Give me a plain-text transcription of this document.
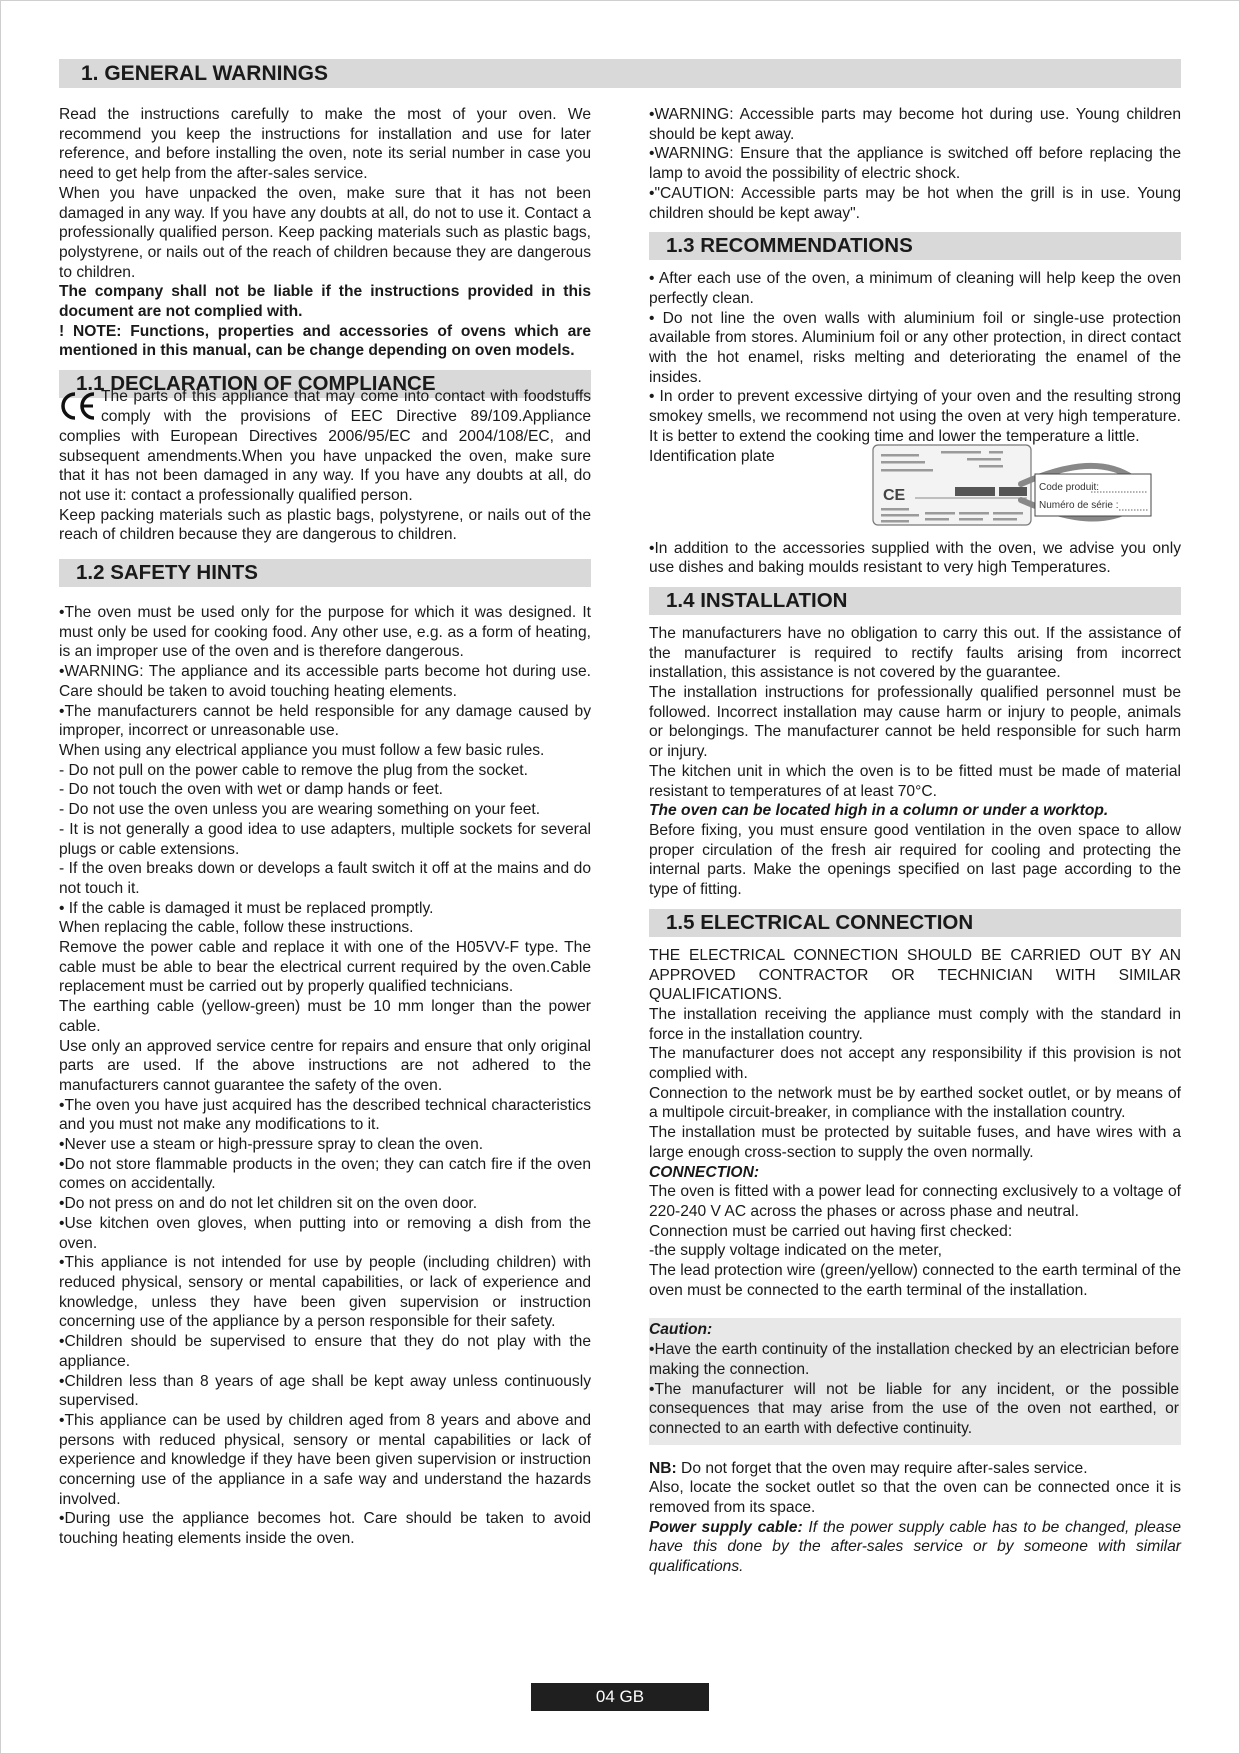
1. GENERAL WARNINGS

Read the instructions carefully to make the most of your oven. We recommend you keep the instructions for installation and use for later reference, and before installing the oven, note its serial number in case you need to get help from the after-sales service.

When you have unpacked the oven, make sure that it has not been damaged in any way. If you have any doubts at all, do not to use it. Contact a professionally qualified person. Keep packing materials such as plastic bags, polystyrene, or nails out of the reach of children because they are dangerous to children.

The company shall not be liable if the instructions provided in this document are not complied with.

! NOTE: Functions, properties and accessories of ovens which are mentioned in this manual, can be change depending on oven models.

1.1 DECLARATION OF COMPLIANCE

The parts of this appliance that may come into contact with foodstuffs comply with the provisions of EEC Directive 89/109.Appliance complies with European Directives 2006/95/EC and 2004/108/EC, and subsequent amendments.When you have unpacked the oven, make sure that it has not been damaged in any way. If you have any doubts at all, do not use it: contact a professionally qualified person.

Keep packing materials such as plastic bags, polystyrene, or nails out of the reach of children because they are dangerous to children.

1.2 SAFETY HINTS

•The oven must be used only for the purpose for which it was designed. It must only be used for cooking food. Any other use, e.g. as a form of heating, is an improper use of the oven and is therefore dangerous.

•WARNING: The appliance and its accessible parts become hot during use. Care should be taken to avoid touching heating elements.

•The manufacturers cannot be held responsible for any damage caused by improper, incorrect or unreasonable use.

When using any electrical appliance you must follow a few basic rules.

- Do not pull on the power cable to remove the plug from the socket.

- Do not touch the oven with wet or damp hands or feet.

- Do not use the oven unless you are wearing something on your feet.

- It is not generally a good idea to use adapters, multiple sockets for several plugs or cable extensions.

- If the oven breaks down or develops a fault switch it off at the mains and do not touch it.

• If the cable is damaged it must be replaced promptly.

When replacing the cable, follow these instructions.

Remove the power cable and replace it with one of the H05VV-F type. The cable must be able to bear the electrical current required by the oven.Cable replacement must be carried out by properly qualified technicians.

The earthing cable (yellow-green) must be 10 mm longer than the power cable.

Use only an approved service centre for repairs and ensure that only original parts are used. If the above instructions are not adhered to the manufacturers cannot guarantee the safety of the oven.

•The oven you have just acquired has the described technical characteristics and you must not make any modifications to it.

•Never use a steam or high-pressure spray to clean the oven.

•Do not store flammable products in the oven; they can catch fire if the oven comes on accidentally.

•Do not press on and do not let children sit on the oven door.

•Use kitchen oven gloves, when putting into or removing a dish from the oven.

•This appliance is not intended for use by people (including children) with reduced physical, sensory or mental capabilities, or lack of experience and knowledge, unless they have been given supervision or instruction concerning use of the appliance by a person responsible for their safety.

•Children should be supervised to ensure that they do not play with the appliance.

•Children less than 8 years of age shall be kept away unless continuously supervised.

•This appliance can be used by children aged from 8 years and above and persons with reduced physical, sensory or mental capabilities or lack of experience and knowledge if they have been given supervision or instruction concerning use of the appliance in a safe way and understand the hazards involved.

•During use the appliance becomes hot. Care should be taken to avoid touching heating elements inside the oven.

•WARNING: Accessible parts may become hot during use. Young children should be kept away.

•WARNING: Ensure that the appliance is switched off before replacing the lamp to avoid the possibility of electric shock.

•"CAUTION: Accessible parts may be hot when the grill is in use. Young children should be kept away".

1.3 RECOMMENDATIONS

• After each use of the oven, a minimum of cleaning will help keep the oven perfectly clean.

• Do not line the oven walls with aluminium foil or single-use protection available from stores. Aluminium foil or any other protection, in direct contact with the hot enamel, risks melting and deteriorating the enamel of the insides.

• In order to prevent excessive dirtying of your oven and the resulting strong smokey smells, we recommend not using the oven at very high temperature. It is better to extend the cooking time and lower the temperature a little.

Identification plate
CE	Code produit:
Numéro de série :

•In addition to the accessories supplied with the oven, we advise you only use dishes and baking moulds resistant to very high Temperatures.

1.4 INSTALLATION

The manufacturers have no obligation to carry this out. If the assistance of the manufacturer is required to rectify faults arising from incorrect installation, this assistance is not covered by the guarantee.

The installation instructions for professionally qualified personnel must be followed. Incorrect installation may cause harm or injury to people, animals or belongings. The manufacturer cannot be held responsible for such harm or injury.

The kitchen unit in which the oven is to be fitted must be made of material resistant to temperatures of at least 70°C.

The oven can be located high in a column or under a worktop.

Before fixing, you must ensure good ventilation in the oven space to allow proper circulation of the fresh air required for cooling and protecting the internal parts. Make the openings specified on last page according to the type of fitting.

1.5 ELECTRICAL CONNECTION

THE ELECTRICAL CONNECTION SHOULD BE CARRIED OUT BY AN APPROVED CONTRACTOR OR TECHNICIAN WITH SIMILAR QUALIFICATIONS.

The installation receiving the appliance must comply with the standard in force in the installation country.

The manufacturer does not accept any responsibility if this provision is not complied with.

Connection to the network must be by earthed socket outlet, or by means of a multipole circuit-breaker, in compliance with the installation country.

The installation must be protected by suitable fuses, and have wires with a large enough cross-section to supply the oven normally.

CONNECTION:

The oven is fitted with a power lead for connecting exclusively to a voltage of 220-240 V AC across the phases or across phase and neutral.

Connection must be carried out having first checked:

-the supply voltage indicated on the meter,

The lead protection wire (green/yellow) connected to the earth terminal of the oven must be connected to the earth terminal of the installation.

Caution:

•Have the earth continuity of the installation checked by an electrician before making the connection.

•The manufacturer will not be liable for any incident, or the possible consequences that may arise from the use of the oven not earthed, or connected to an earth with defective continuity.

NB: Do not forget that the oven may require after-sales service.

Also, locate the socket outlet so that the oven can be connected once it is removed from its space.

Power supply cable: If the power supply cable has to be changed, please have this done by the after-sales service or by someone with similar qualifications.

04 GB
